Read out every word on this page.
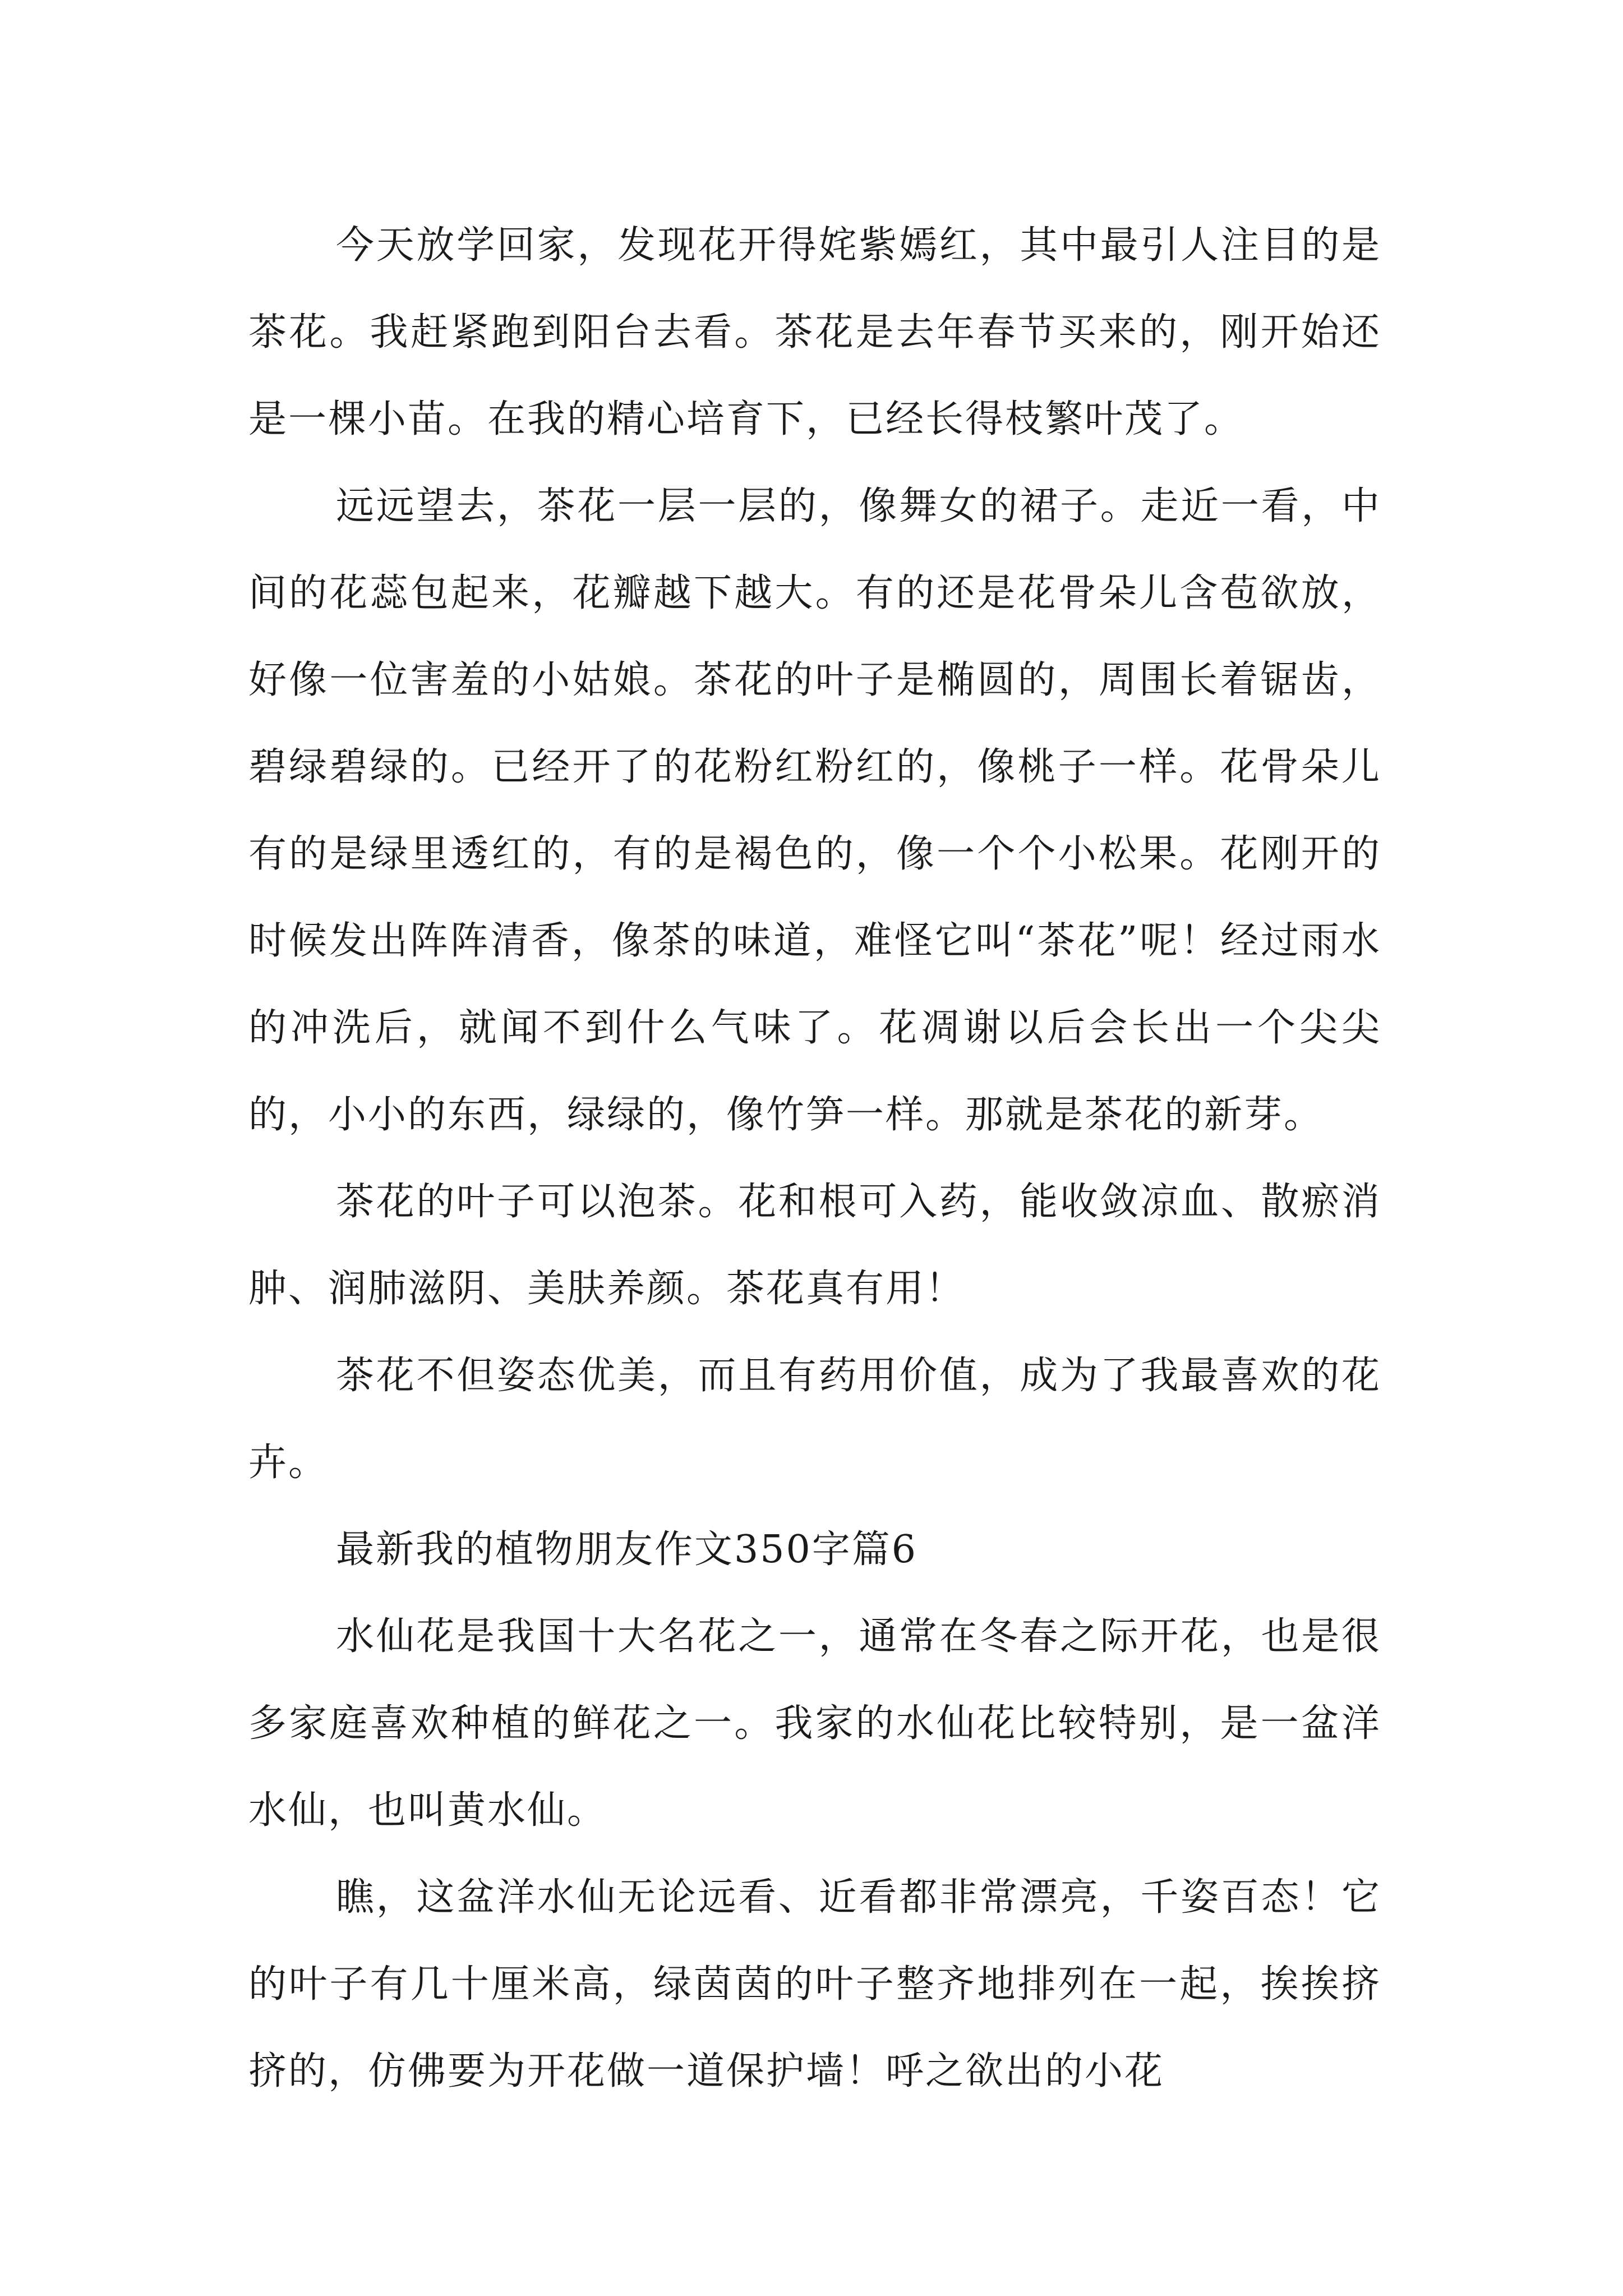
今天放学回家，发现花开得姹紫嫣红，其中最引人注目的是茶花。我赶紧跑到阳台去看。茶花是去年春节买来的，刚开始还是一棵小苗。在我的精心培育下，已经长得枝繁叶茂了。

远远望去，茶花一层一层的，像舞女的裙子。走近一看，中间的花蕊包起来，花瓣越下越大。有的还是花骨朵儿含苞欲放，好像一位害羞的小姑娘。茶花的叶子是椭圆的，周围长着锯齿，碧绿碧绿的。已经开了的花粉红粉红的，像桃子一样。花骨朵儿有的是绿里透红的，有的是褐色的，像一个个小松果。花刚开的时候发出阵阵清香，像茶的味道，难怪它叫“茶花”呢！经过雨水的冲洗后，就闻不到什么气味了。花凋谢以后会长出一个尖尖的，小小的东西，绿绿的，像竹笋一样。那就是茶花的新芽。

茶花的叶子可以泡茶。花和根可入药，能收敛凉血、散瘀消肿、润肺滋阴、美肤养颜。茶花真有用！

茶花不但姿态优美，而且有药用价值，成为了我最喜欢的花卉。

最新我的植物朋友作文350字篇6

水仙花是我国十大名花之一，通常在冬春之际开花，也是很多家庭喜欢种植的鲜花之一。我家的水仙花比较特别，是一盆洋水仙，也叫黄水仙。

瞧，这盆洋水仙无论远看、近看都非常漂亮，千姿百态！它的叶子有几十厘米高，绿茵茵的叶子整齐地排列在一起，挨挨挤挤的，仿佛要为开花做一道保护墙！呼之欲出的小花
